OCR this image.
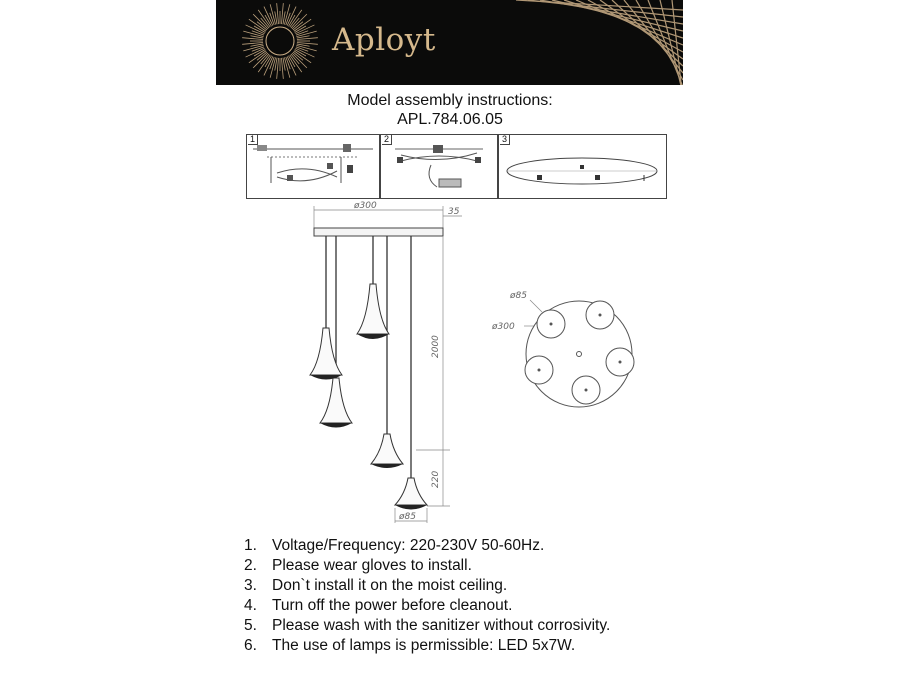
Aployt
Model assembly instructions:
APL.784.06.05
1	2	3
ø300
35
2000
220
ø85
ø85
ø300
1. Voltage/Frequency: 220-230V 50-60Hz.
2. Please wear gloves to install.
3. Don`t install it on the moist ceiling.
4. Turn off the power before cleanout.
5. Please wash with the sanitizer without corrosivity.
6. The use of lamps is permissible: LED 5x7W.
